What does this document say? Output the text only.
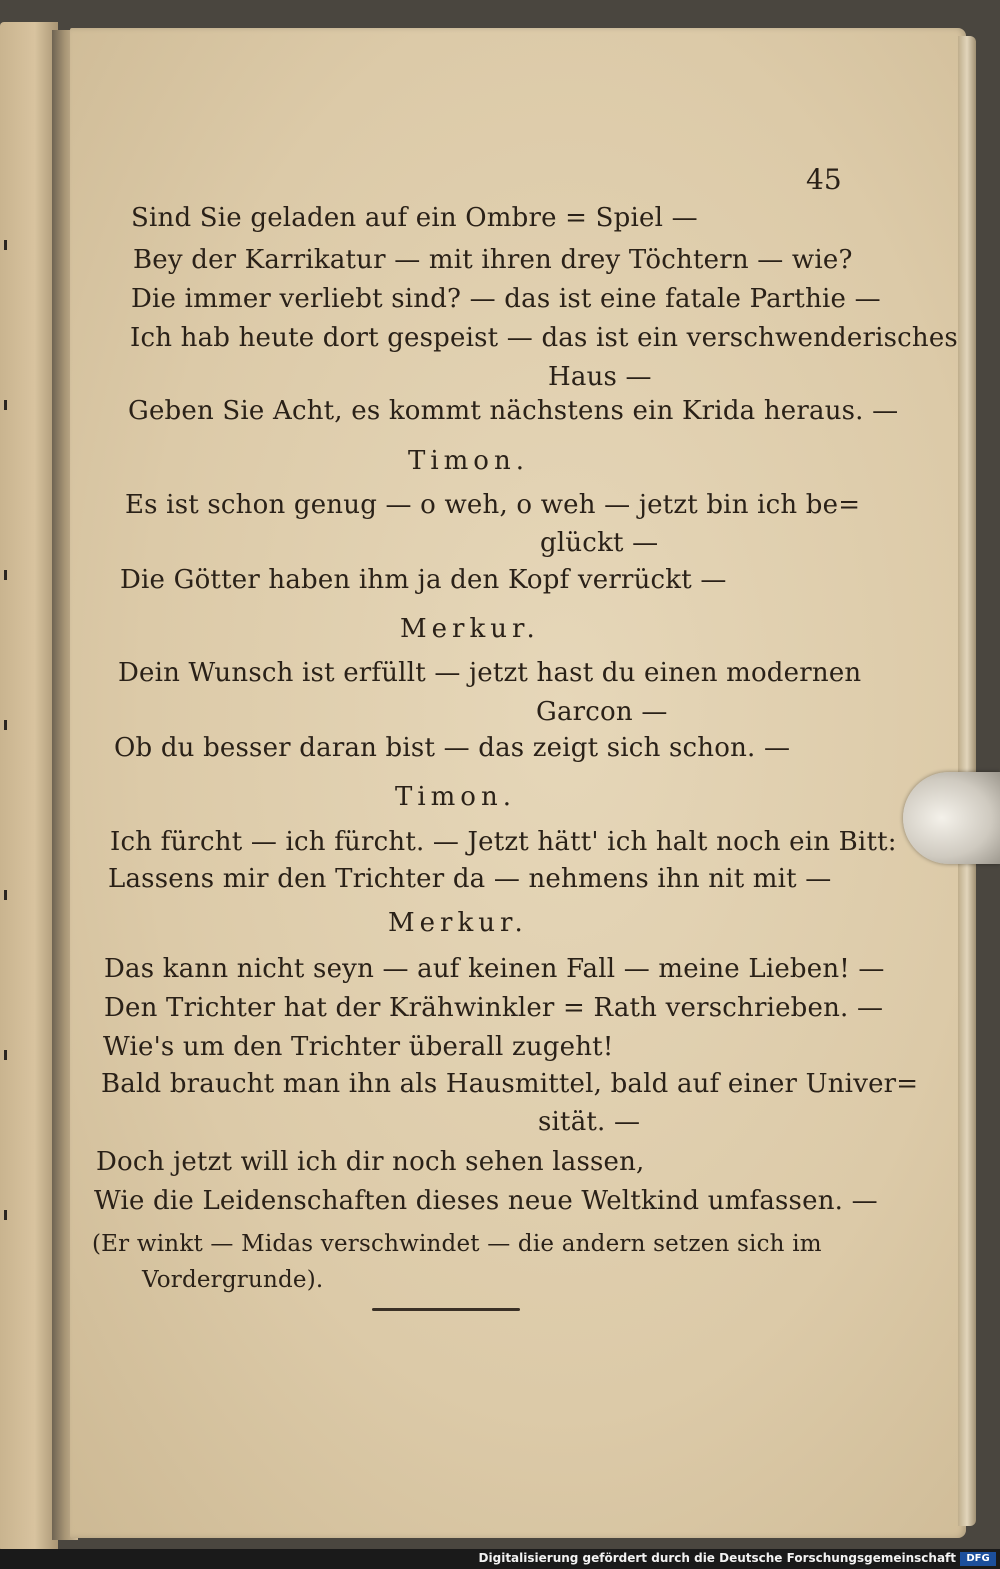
45
Sind Sie geladen auf ein Ombre = Spiel —
Bey der Karrikatur — mit ihren drey Töchtern — wie?
Die immer verliebt sind? — das ist eine fatale Parthie —
Ich hab heute dort gespeist — das ist ein verschwenderisches
Haus —
Geben Sie Acht, es kommt nächstens ein Krida heraus. —
Timon.
Es ist schon genug — o weh, o weh — jetzt bin ich be=
glückt —
Die Götter haben ihm ja den Kopf verrückt —
Merkur.
Dein Wunsch ist erfüllt — jetzt hast du einen modernen
Garcon —
Ob du besser daran bist — das zeigt sich schon. —
Timon.
Ich fürcht — ich fürcht. — Jetzt hätt' ich halt noch ein Bitt:
Lassens mir den Trichter da — nehmens ihn nit mit —
Merkur.
Das kann nicht seyn — auf keinen Fall — meine Lieben! —
Den Trichter hat der Krähwinkler = Rath verschrieben. —
Wie's um den Trichter überall zugeht!
Bald braucht man ihn als Hausmittel, bald auf einer Univer=
sität. —
Doch jetzt will ich dir noch sehen lassen,
Wie die Leidenschaften dieses neue Weltkind umfassen. —
(Er winkt — Midas verschwindet — die andern setzen sich im
Vordergrunde).
Digitalisierung gefördert durch die Deutsche Forschungsgemeinschaft	DFG
